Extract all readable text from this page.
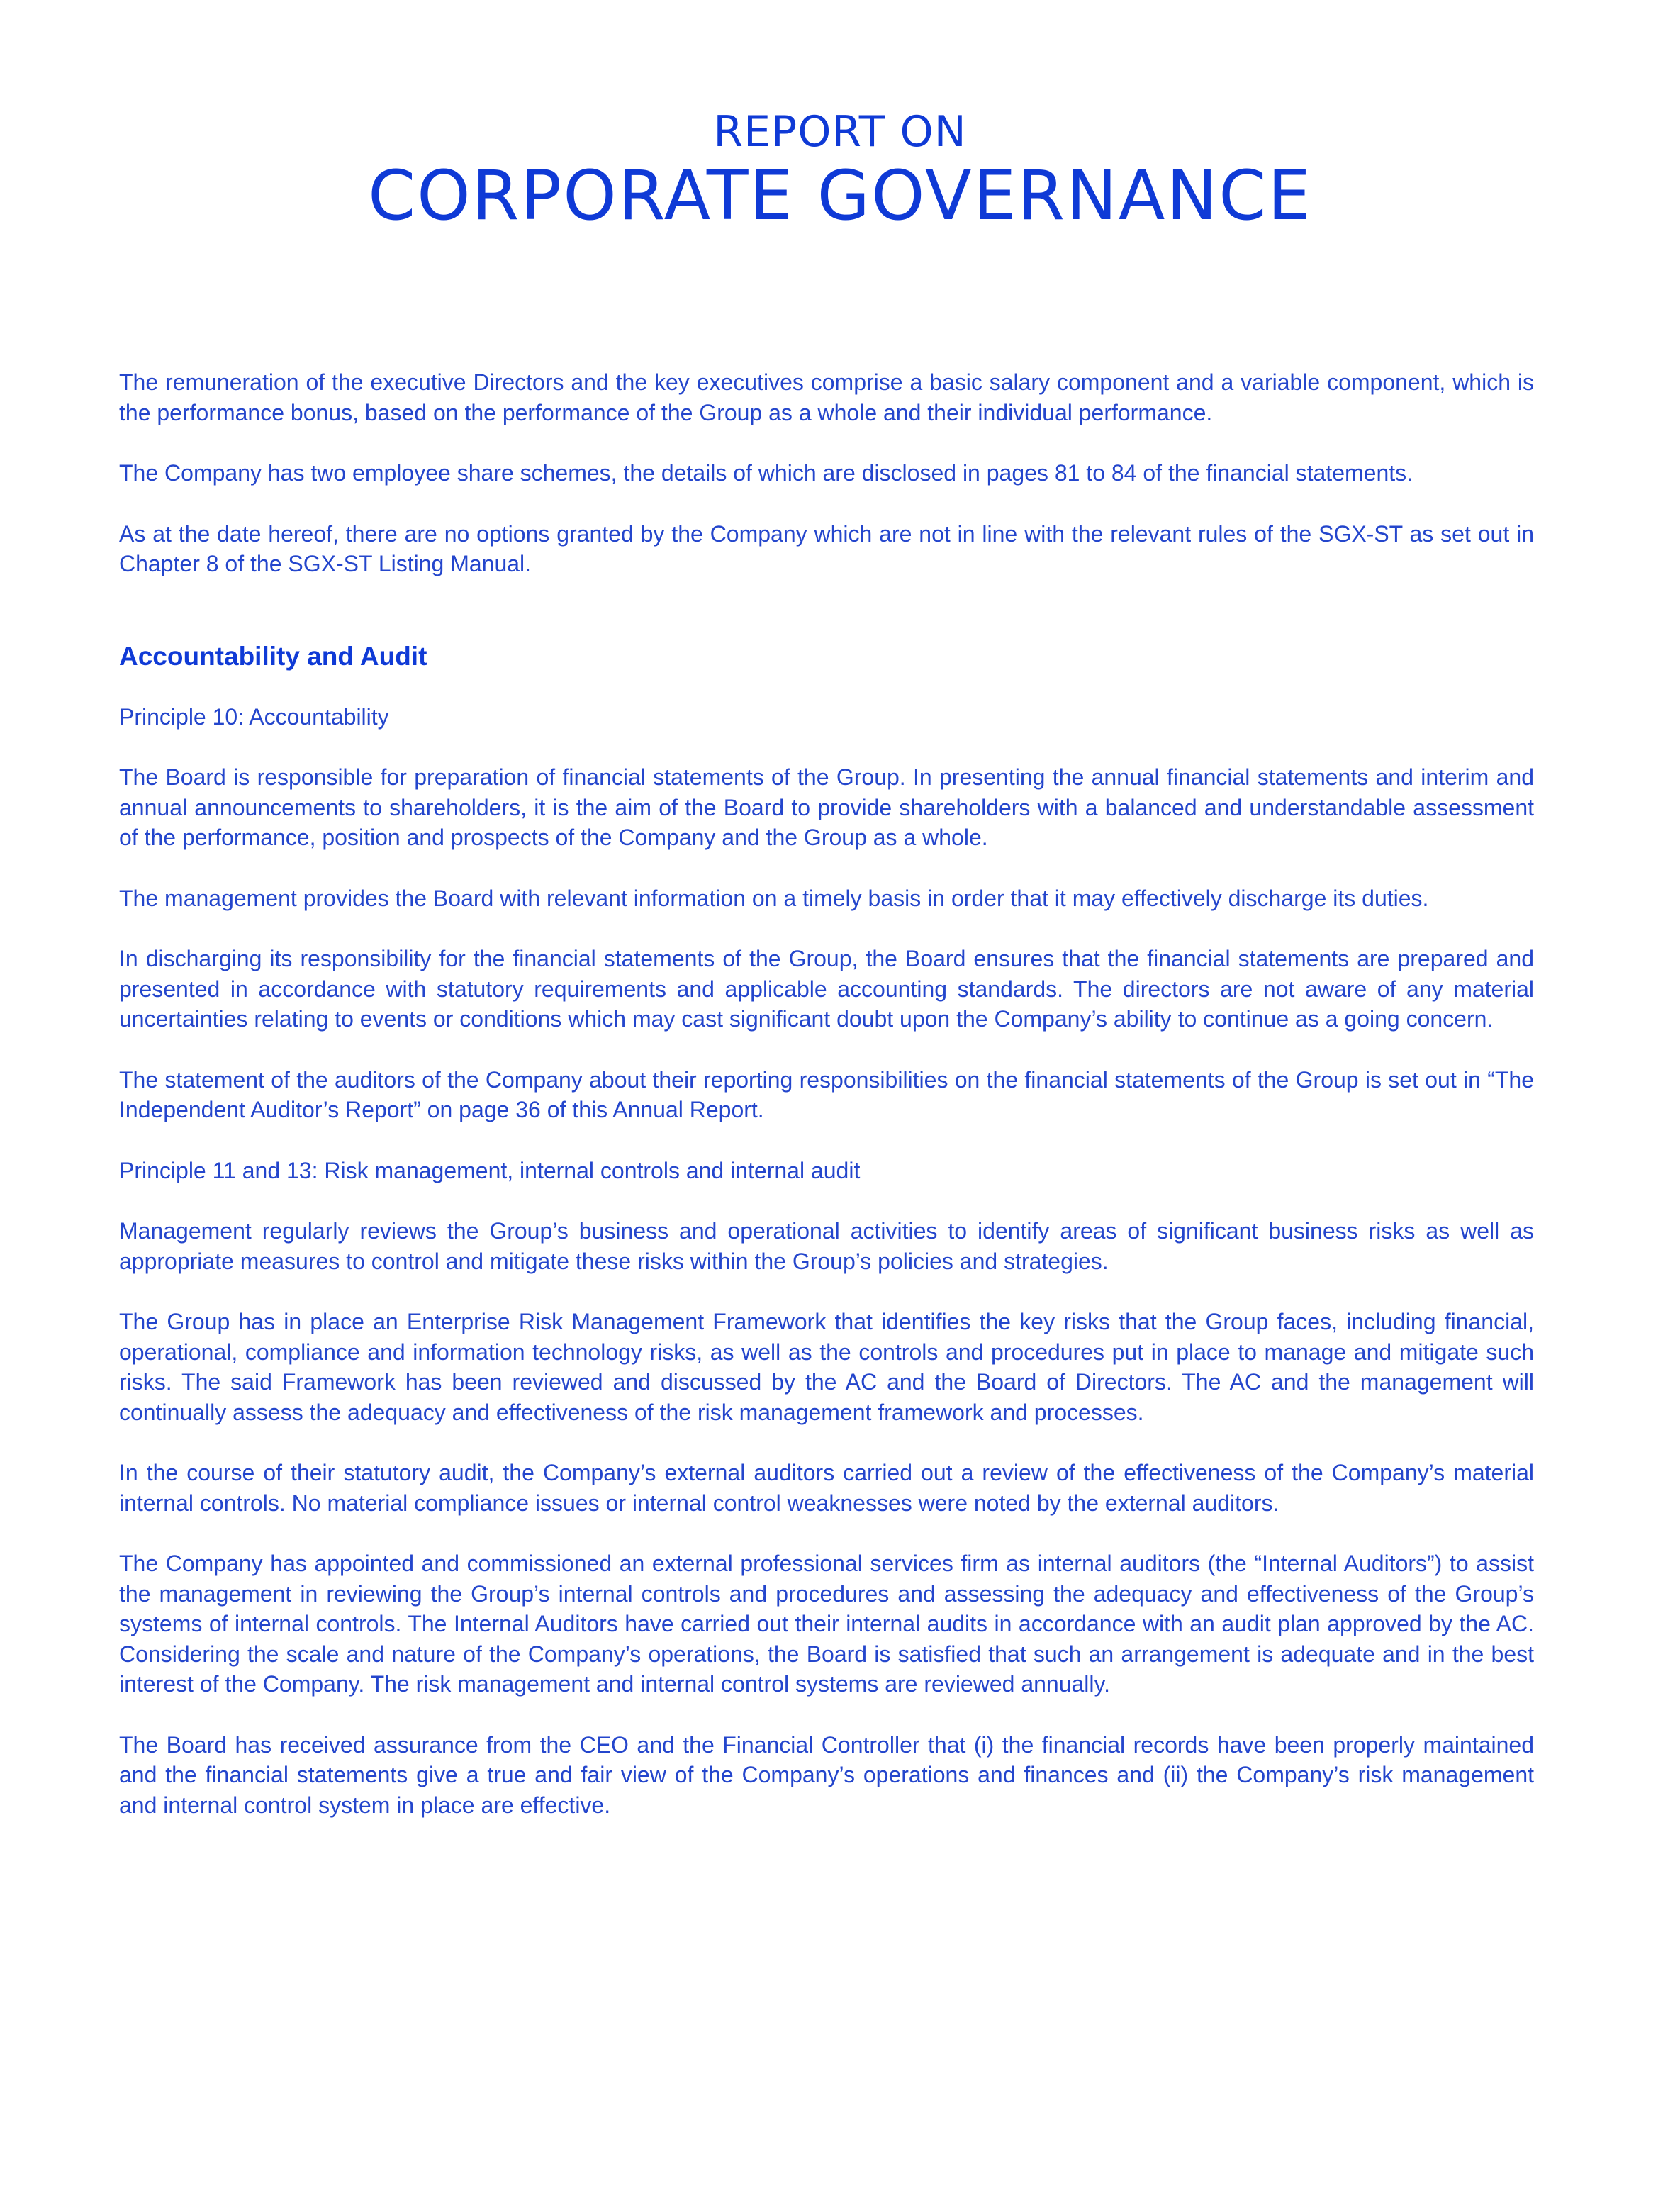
REPORT ON
CORPORATE GOVERNANCE

The remuneration of the executive Directors and the key executives comprise a basic salary component and a variable component, which is the performance bonus, based on the performance of the Group as a whole and their individual performance.

The Company has two employee share schemes, the details of which are disclosed in pages 81 to 84 of the financial statements.

As at the date hereof, there are no options granted by the Company which are not in line with the relevant rules of the SGX-ST as set out in Chapter 8 of the SGX-ST Listing Manual.

Accountability and Audit

Principle 10: Accountability

The Board is responsible for preparation of financial statements of the Group. In presenting the annual financial statements and interim and annual announcements to shareholders, it is the aim of the Board to provide shareholders with a balanced and understandable assessment of the performance, position and prospects of the Company and the Group as a whole.

The management provides the Board with relevant information on a timely basis in order that it may effectively discharge its duties.

In discharging its responsibility for the financial statements of the Group, the Board ensures that the financial statements are prepared and presented in accordance with statutory requirements and applicable accounting standards. The directors are not aware of any material uncertainties relating to events or conditions which may cast significant doubt upon the Company’s ability to continue as a going concern.

The statement of the auditors of the Company about their reporting responsibilities on the financial statements of the Group is set out in “The Independent Auditor’s Report” on page 36 of this Annual Report.

Principle 11 and 13: Risk management, internal controls and internal audit

Management regularly reviews the Group’s business and operational activities to identify areas of significant business risks as well as appropriate measures to control and mitigate these risks within the Group’s policies and strategies.

The Group has in place an Enterprise Risk Management Framework that identifies the key risks that the Group faces, including financial, operational, compliance and information technology risks, as well as the controls and procedures put in place to manage and mitigate such risks. The said Framework has been reviewed and discussed by the AC and the Board of Directors. The AC and the management will continually assess the adequacy and effectiveness of the risk management framework and processes.

In the course of their statutory audit, the Company’s external auditors carried out a review of the effectiveness of the Company’s material internal controls. No material compliance issues or internal control weaknesses were noted by the external auditors.

The Company has appointed and commissioned an external professional services firm as internal auditors (the “Internal Auditors”) to assist the management in reviewing the Group’s internal controls and procedures and assessing the adequacy and effectiveness of the Group’s systems of internal controls. The Internal Auditors have carried out their internal audits in accordance with an audit plan approved by the AC. Considering the scale and nature of the Company’s operations, the Board is satisfied that such an arrangement is adequate and in the best interest of the Company. The risk management and internal control systems are reviewed annually.

The Board has received assurance from the CEO and the Financial Controller that (i) the financial records have been properly maintained and the financial statements give a true and fair view of the Company’s operations and finances and (ii) the Company’s risk management and internal control system in place are effective.
